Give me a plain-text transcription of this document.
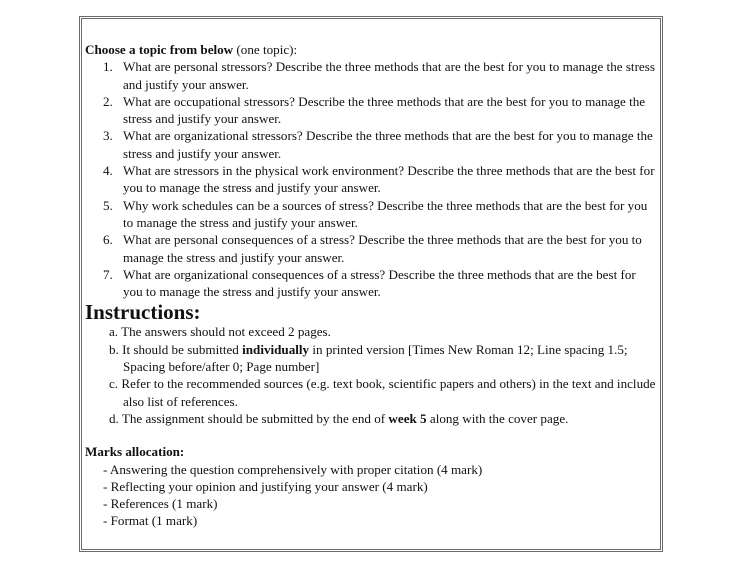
Choose a topic from below (one topic):
1. What are personal stressors? Describe the three methods that are the best for you to manage the stress and justify your answer.
2. What are occupational stressors? Describe the three methods that are the best for you to manage the stress and justify your answer.
3. What are organizational stressors? Describe the three methods that are the best for you to manage the stress and justify your answer.
4. What are stressors in the physical work environment? Describe the three methods that are the best for you to manage the stress and justify your answer.
5. Why work schedules can be a sources of stress? Describe the three methods that are the best for you to manage the stress and justify your answer.
6. What are personal consequences of a stress? Describe the three methods that are the best for you to manage the stress and justify your answer.
7. What are organizational consequences of a stress? Describe the three methods that are the best for you to manage the stress and justify your answer.
Instructions:
a. The answers should not exceed 2 pages.
b. It should be submitted individually in printed version [Times New Roman 12; Line spacing 1.5;
Spacing before/after 0; Page number]
c. Refer to the recommended sources (e.g. text book, scientific papers and others) in the text and include also list of references.
d. The assignment should be submitted by the end of week 5 along with the cover page.
Marks allocation:
- Answering the question comprehensively with proper citation (4 mark)
- Reflecting your opinion and justifying your answer (4 mark)
- References (1 mark)
- Format (1 mark)
